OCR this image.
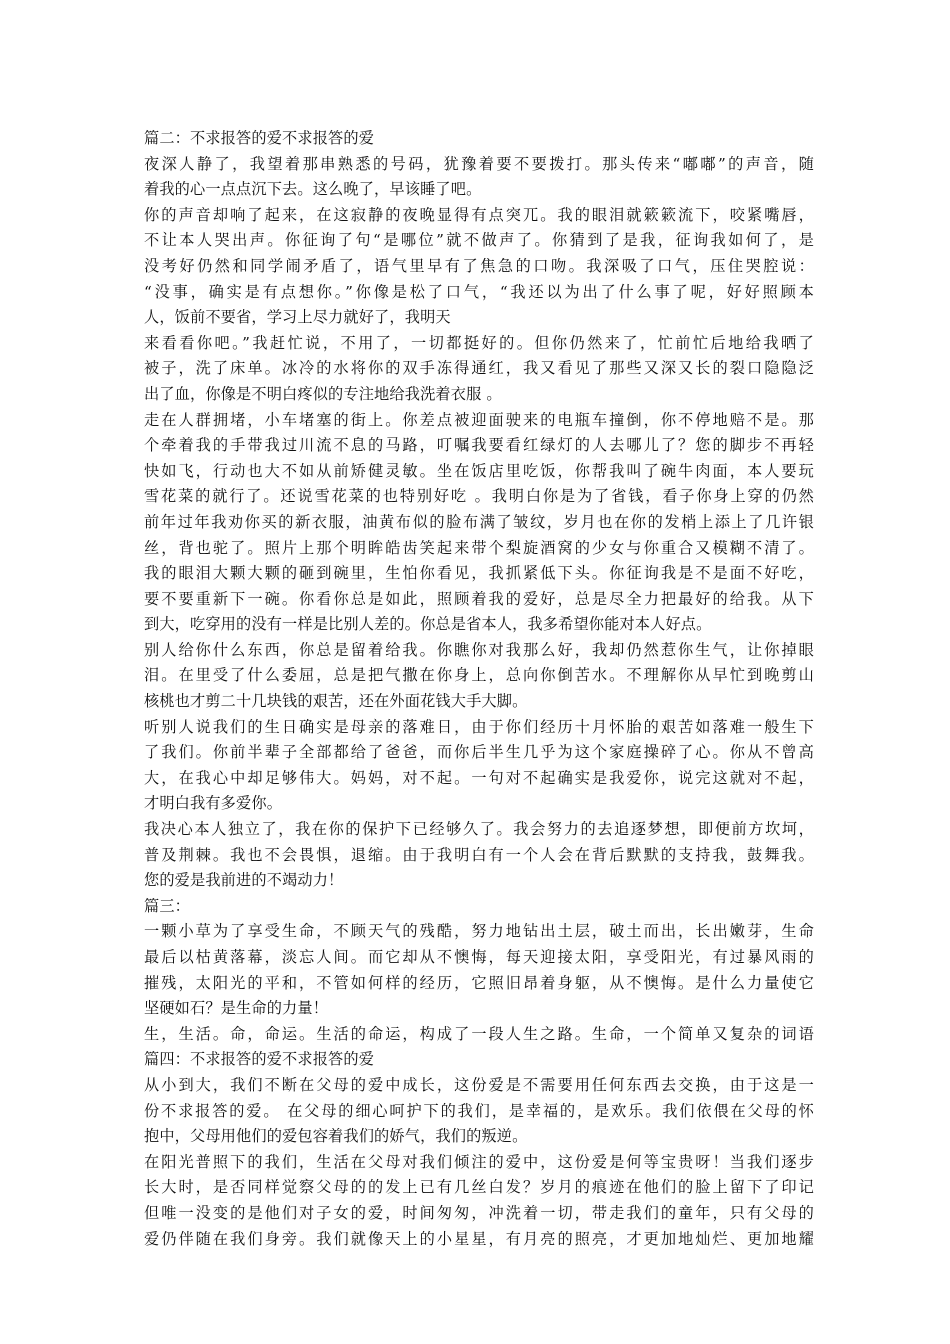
篇二：不求报答的爱不求报答的爱
夜深人静了，我望着那串熟悉的号码，犹豫着要不要拨打。那头传来“嘟嘟”的声音，随
着我的心一点点沉下去。这么晚了，早该睡了吧。
你的声音却响了起来，在这寂静的夜晚显得有点突兀。我的眼泪就簌簌流下，咬紧嘴唇，
不让本人哭出声。你征询了句“是哪位”就不做声了。你猜到了是我，征询我如何了，是
没考好仍然和同学闹矛盾了，语气里早有了焦急的口吻。我深吸了口气，压住哭腔说：
“没事，确实是有点想你。”你像是松了口气，“我还以为出了什么事了呢，好好照顾本
人，饭前不要省，学习上尽力就好了，我明天
来看看你吧。”我赶忙说，不用了，一切都挺好的。但你仍然来了，忙前忙后地给我晒了
被子，洗了床单。冰冷的水将你的双手冻得通红，我又看见了那些又深又长的裂口隐隐泛
出了血，你像是不明白疼似的专注地给我洗着衣服 。
走在人群拥堵，小车堵塞的街上。你差点被迎面驶来的电瓶车撞倒，你不停地赔不是。那
个牵着我的手带我过川流不息的马路，叮嘱我要看红绿灯的人去哪儿了？您的脚步不再轻
快如飞，行动也大不如从前矫健灵敏。坐在饭店里吃饭，你帮我叫了碗牛肉面，本人要玩
雪花菜的就行了。还说雪花菜的也特别好吃 。我明白你是为了省钱，看子你身上穿的仍然
前年过年我劝你买的新衣服，油黄布似的脸布满了皱纹，岁月也在你的发梢上添上了几许银
丝，背也驼了。照片上那个明眸皓齿笑起来带个梨旋酒窝的少女与你重合又模糊不清了。
我的眼泪大颗大颗的砸到碗里，生怕你看见，我抓紧低下头。你征询我是不是面不好吃，
要不要重新下一碗。你看你总是如此，照顾着我的爱好，总是尽全力把最好的给我。从下
到大，吃穿用的没有一样是比别人差的。你总是省本人，我多希望你能对本人好点。
别人给你什么东西，你总是留着给我。你瞧你对我那么好，我却仍然惹你生气，让你掉眼
泪。在里受了什么委屈，总是把气撒在你身上，总向你倒苦水。不理解你从早忙到晚剪山
核桃也才剪二十几块钱的艰苦，还在外面花钱大手大脚。
听别人说我们的生日确实是母亲的落难日，由于你们经历十月怀胎的艰苦如落难一般生下
了我们。你前半辈子全部都给了爸爸，而你后半生几乎为这个家庭操碎了心。你从不曾高
大，在我心中却足够伟大。妈妈，对不起。一句对不起确实是我爱你，说完这就对不起，
才明白我有多爱你。
我决心本人独立了，我在你的保护下已经够久了。我会努力的去追逐梦想，即便前方坎坷，
普及荆棘。我也不会畏惧，退缩。由于我明白有一个人会在背后默默的支持我，鼓舞我。
您的爱是我前进的不竭动力！
篇三：
一颗小草为了享受生命，不顾天气的残酷，努力地钻出土层，破土而出，长出嫩芽，生命
最后以枯黄落幕，淡忘人间。而它却从不懊悔，每天迎接太阳，享受阳光，有过暴风雨的
摧残，太阳光的平和，不管如何样的经历，它照旧昂着身躯，从不懊悔。是什么力量使它
坚硬如石？是生命的力量！
生，生活。命，命运。生活的命运，构成了一段人生之路。生命，一个简单又复杂的词语
篇四：不求报答的爱不求报答的爱
从小到大，我们不断在父母的爱中成长，这份爱是不需要用任何东西去交换，由于这是一
份不求报答的爱。 在父母的细心呵护下的我们，是幸福的，是欢乐。我们依偎在父母的怀
抱中，父母用他们的爱包容着我们的娇气，我们的叛逆。
在阳光普照下的我们，生活在父母对我们倾注的爱中，这份爱是何等宝贵呀！当我们逐步
长大时，是否同样觉察父母的的发上已有几丝白发？岁月的痕迹在他们的脸上留下了印记
但唯一没变的是他们对子女的爱，时间匆匆，冲洗着一切，带走我们的童年，只有父母的
爱仍伴随在我们身旁。我们就像天上的小星星，有月亮的照亮，才更加地灿烂、更加地耀
